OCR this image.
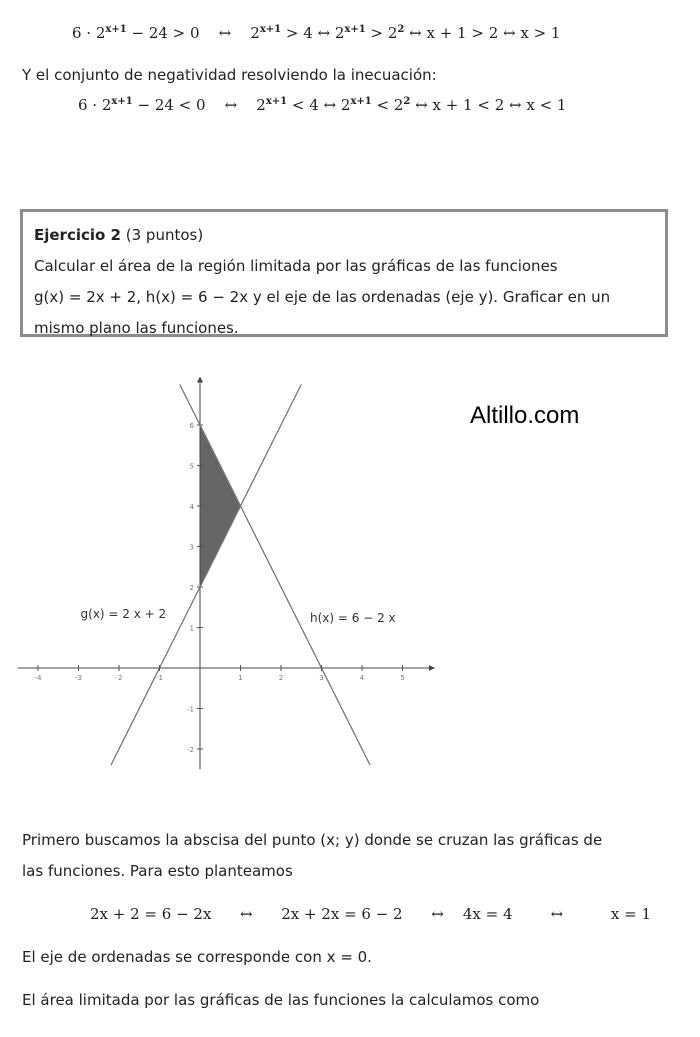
$6 \cdot 2^{x+1} - 24 > 0$ ↔ $2^{x+1} > 4$ ↔ $2^{x+1} > 2^2$ ↔ x + 1 > 2 ↔ x > 1
Y el conjunto de negatividad resolviendo la inecuación:
$6 \cdot 2^{x+1} - 24 < 0$ ↔ $2^{x+1} < 4$ ↔ $2^{x+1} < 2^2$ ↔ x + 1 < 2 ↔ x < 1

Ejercicio 2 (3 puntos)

Calcular el área de la región limitada por las gráficas de las funciones

g(x) = 2x + 2, h(x) = 6 − 2x y el eje de las ordenadas (eje y). Graficar en un

mismo plano las funciones.

-4	-3	-2	-1	1	2	3	4	5
-2
-1
1
2
3
4
5
6
g(x) = 2 x + 2	h(x) = 6 − 2 x
Altillo.com
Primero buscamos la abscisa del punto (x; y) donde se cruzan las gráficas de
las funciones. Para esto planteamos
2x + 2 = 6 − 2x      ↔      2x + 2x = 6 − 2      ↔    4x = 4        ↔          x = 1
El eje de ordenadas se corresponde con x = 0.
El área limitada por las gráficas de las funciones la calculamos como
